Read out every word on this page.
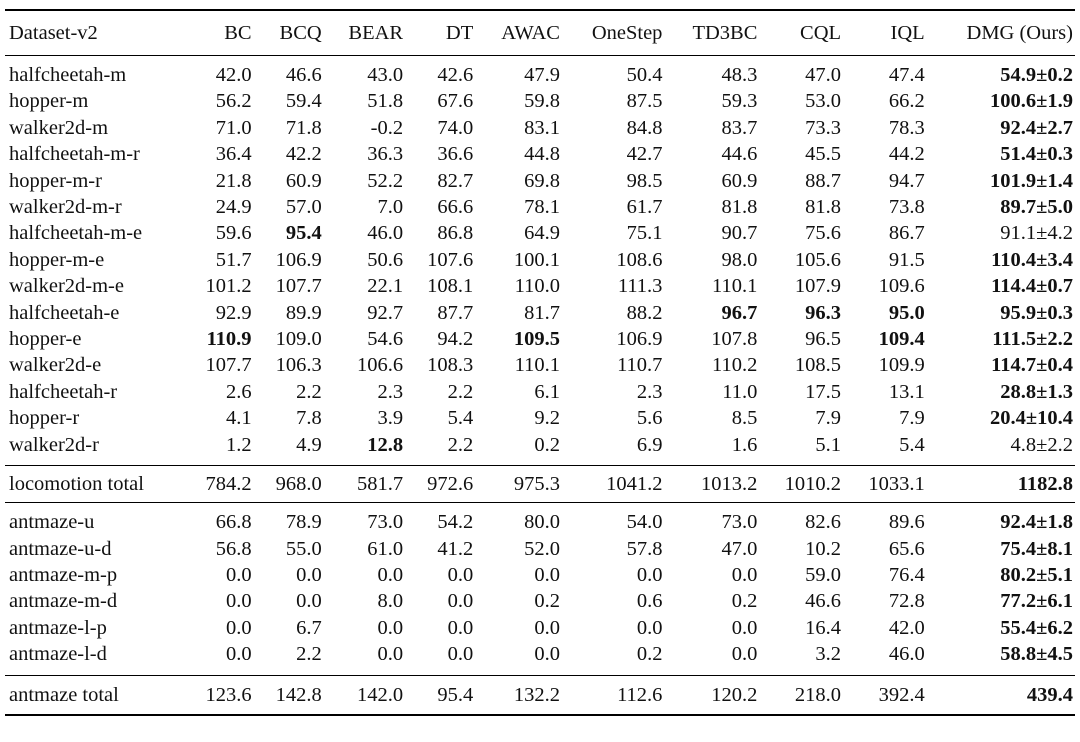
Dataset-v2	BC	BCQ	BEAR	DT	AWAC	OneStep	TD3BC	CQL	IQL	DMG (Ours)
halfcheetah-m	42.0	46.6	43.0	42.6	47.9	50.4	48.3	47.0	47.4	54.9±0.2
hopper-m	56.2	59.4	51.8	67.6	59.8	87.5	59.3	53.0	66.2	100.6±1.9
walker2d-m	71.0	71.8	-0.2	74.0	83.1	84.8	83.7	73.3	78.3	92.4±2.7
halfcheetah-m-r	36.4	42.2	36.3	36.6	44.8	42.7	44.6	45.5	44.2	51.4±0.3
hopper-m-r	21.8	60.9	52.2	82.7	69.8	98.5	60.9	88.7	94.7	101.9±1.4
walker2d-m-r	24.9	57.0	7.0	66.6	78.1	61.7	81.8	81.8	73.8	89.7±5.0
halfcheetah-m-e	59.6	95.4	46.0	86.8	64.9	75.1	90.7	75.6	86.7	91.1±4.2
hopper-m-e	51.7	106.9	50.6	107.6	100.1	108.6	98.0	105.6	91.5	110.4±3.4
walker2d-m-e	101.2	107.7	22.1	108.1	110.0	111.3	110.1	107.9	109.6	114.4±0.7
halfcheetah-e	92.9	89.9	92.7	87.7	81.7	88.2	96.7	96.3	95.0	95.9±0.3
hopper-e	110.9	109.0	54.6	94.2	109.5	106.9	107.8	96.5	109.4	111.5±2.2
walker2d-e	107.7	106.3	106.6	108.3	110.1	110.7	110.2	108.5	109.9	114.7±0.4
halfcheetah-r	2.6	2.2	2.3	2.2	6.1	2.3	11.0	17.5	13.1	28.8±1.3
hopper-r	4.1	7.8	3.9	5.4	9.2	5.6	8.5	7.9	7.9	20.4±10.4
walker2d-r	1.2	4.9	12.8	2.2	0.2	6.9	1.6	5.1	5.4	4.8±2.2
locomotion total	784.2	968.0	581.7	972.6	975.3	1041.2	1013.2	1010.2	1033.1	1182.8
antmaze-u	66.8	78.9	73.0	54.2	80.0	54.0	73.0	82.6	89.6	92.4±1.8
antmaze-u-d	56.8	55.0	61.0	41.2	52.0	57.8	47.0	10.2	65.6	75.4±8.1
antmaze-m-p	0.0	0.0	0.0	0.0	0.0	0.0	0.0	59.0	76.4	80.2±5.1
antmaze-m-d	0.0	0.0	8.0	0.0	0.2	0.6	0.2	46.6	72.8	77.2±6.1
antmaze-l-p	0.0	6.7	0.0	0.0	0.0	0.0	0.0	16.4	42.0	55.4±6.2
antmaze-l-d	0.0	2.2	0.0	0.0	0.0	0.2	0.0	3.2	46.0	58.8±4.5
antmaze total	123.6	142.8	142.0	95.4	132.2	112.6	120.2	218.0	392.4	439.4
